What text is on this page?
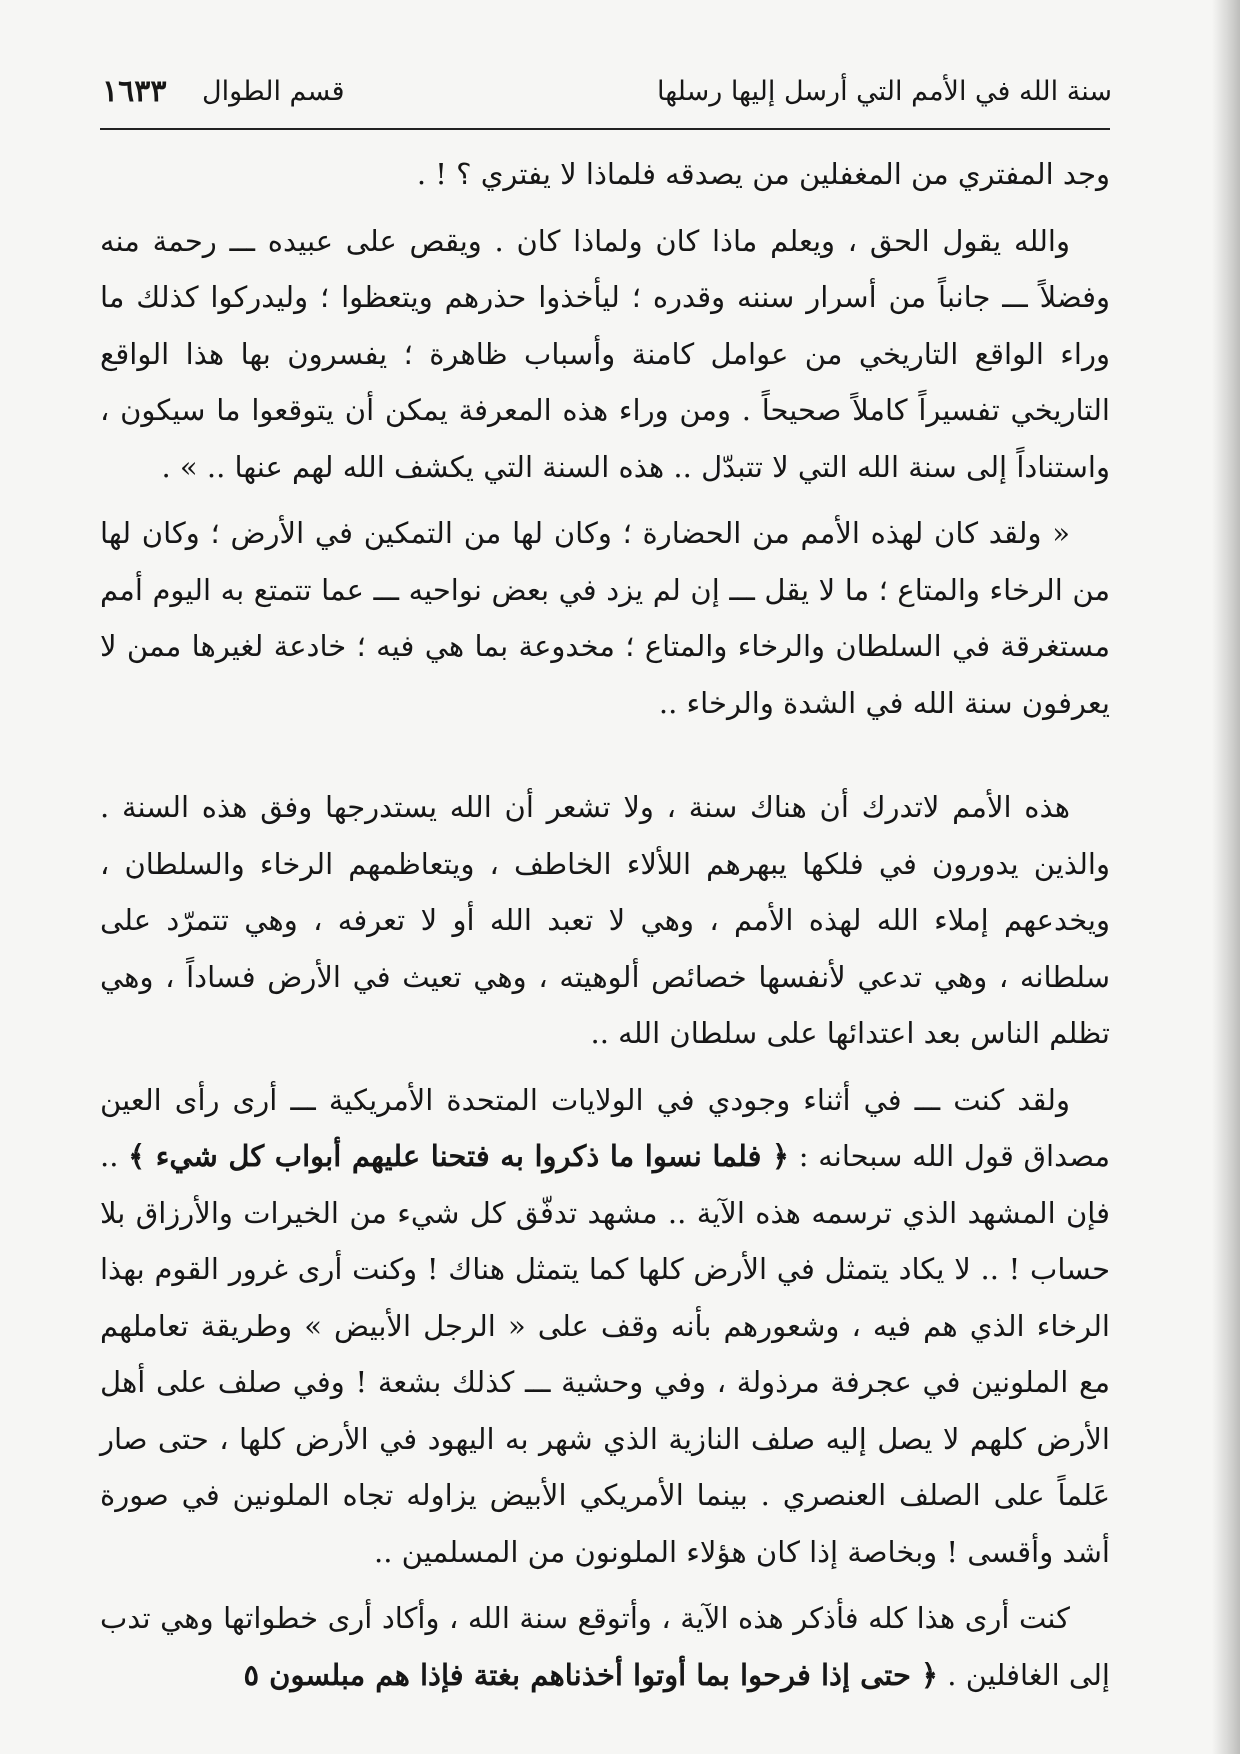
سنة الله في الأمم التي أرسل إليها رسلها
قسم الطوال
١٦٣٣

وجد المفتري من المغفلين من يصدقه فلماذا لا يفتري ؟ ! .

والله يقول الحق ، ويعلم ماذا كان ولماذا كان . ويقص على عبيده ـــ رحمة منه وفضلاً ـــ جانباً من أسرار سننه وقدره ؛ ليأخذوا حذرهم ويتعظوا ؛ وليدركوا كذلك ما وراء الواقع التاريخي من عوامل كامنة وأسباب ظاهرة ؛ يفسرون بها هذا الواقع التاريخي تفسيراً كاملاً صحيحاً . ومن وراء هذه المعرفة يمكن أن يتوقعوا ما سيكون ، واستناداً إلى سنة الله التي لا تتبدّل .. هذه السنة التي يكشف الله لهم عنها .. » .

« ولقد كان لهذه الأمم من الحضارة ؛ وكان لها من التمكين في الأرض ؛ وكان لها من الرخاء والمتاع ؛ ما لا يقل ـــ إن لم يزد في بعض نواحيه ـــ عما تتمتع به اليوم أمم مستغرقة في السلطان والرخاء والمتاع ؛ مخدوعة بما هي فيه ؛ خادعة لغيرها ممن لا يعرفون سنة الله في الشدة والرخاء ..

هذه الأمم لاتدرك أن هناك سنة ، ولا تشعر أن الله يستدرجها وفق هذه السنة . والذين يدورون في فلكها يبهرهم اللألاء الخاطف ، ويتعاظمهم الرخاء والسلطان ، ويخدعهم إملاء الله لهذه الأمم ، وهي لا تعبد الله أو لا تعرفه ، وهي تتمرّد على سلطانه ، وهي تدعي لأنفسها خصائص ألوهيته ، وهي تعيث في الأرض فساداً ، وهي تظلم الناس بعد اعتدائها على سلطان الله ..

ولقد كنت ـــ في أثناء وجودي في الولايات المتحدة الأمريكية ـــ أرى رأى العين مصداق قول الله سبحانه : ﴿ فلما نسوا ما ذكروا به فتحنا عليهم أبواب كل شيء ﴾ .. فإن المشهد الذي ترسمه هذه الآية .. مشهد تدفّق كل شيء من الخيرات والأرزاق بلا حساب ! .. لا يكاد يتمثل في الأرض كلها كما يتمثل هناك ! وكنت أرى غرور القوم بهذا الرخاء الذي هم فيه ، وشعورهم بأنه وقف على « الرجل الأبيض » وطريقة تعاملهم مع الملونين في عجرفة مرذولة ، وفي وحشية ـــ كذلك بشعة ! وفي صلف على أهل الأرض كلهم لا يصل إليه صلف النازية الذي شهر به اليهود في الأرض كلها ، حتى صار عَلماً على الصلف العنصري . بينما الأمريكي الأبيض يزاوله تجاه الملونين في صورة أشد وأقسى ! وبخاصة إذا كان هؤلاء الملونون من المسلمين ..

كنت أرى هذا كله فأذكر هذه الآية ، وأتوقع سنة الله ، وأكاد أرى خطواتها وهي تدب إلى الغافلين . ﴿ حتى إذا فرحوا بما أوتوا أخذناهم بغتة فإذا هم مبلسون ٥
